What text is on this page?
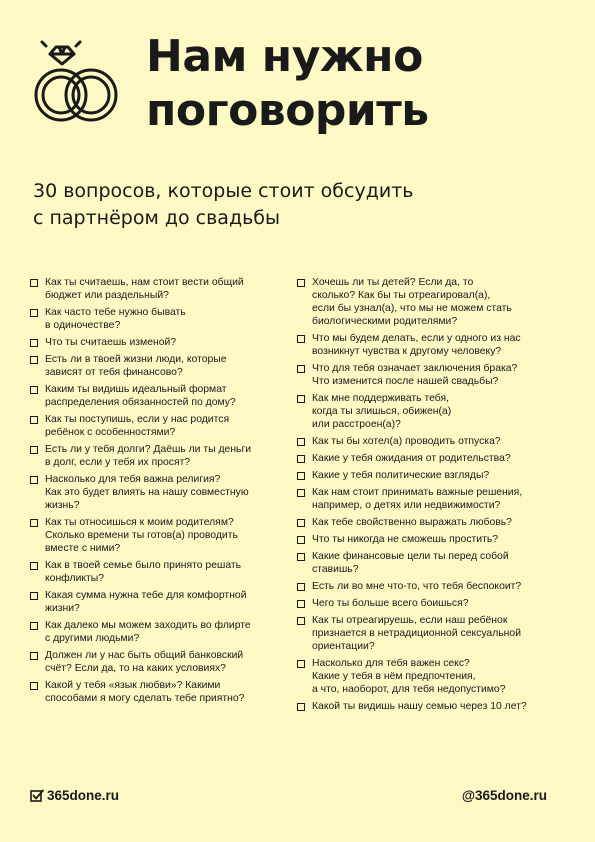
Нам нужно
поговорить
30 вопросов, которые стоит обсудить
с партнёром до свадьбы
Как ты считаешь, нам стоит вести общий
бюджет или раздельный?
Как часто тебе нужно бывать
в одиночестве?
Что ты считаешь изменой?
Есть ли в твоей жизни люди, которые
зависят от тебя финансово?
Каким ты видишь идеальный формат
распределения обязанностей по дому?
Как ты поступишь, если у нас родится
ребёнок с особенностями?
Есть ли у тебя долги? Даёшь ли ты деньги
в долг, если у тебя их просят?
Насколько для тебя важна религия?
Как это будет влиять на нашу совместную
жизнь?
Как ты относишься к моим родителям?
Сколько времени ты готов(а) проводить
вместе с ними?
Как в твоей семье было принято решать
конфликты?
Какая сумма нужна тебе для комфортной
жизни?
Как далеко мы можем заходить во флирте
с другими людьми?
Должен ли у нас быть общий банковский
счёт? Если да, то на каких условиях?
Какой у тебя «язык любви»? Какими
способами я могу сделать тебе приятно?
Хочешь ли ты детей? Если да, то
сколько? Как бы ты отреагировал(а),
если бы узнал(а), что мы не можем стать
биологическими родителями?
Что мы будем делать, если у одного из нас
возникнут чувства к другому человеку?
Что для тебя означает заключения брака?
Что изменится после нашей свадьбы?
Как мне поддерживать тебя,
когда ты злишься, обижен(а)
или расстроен(а)?
Как ты бы хотел(а) проводить отпуска?
Какие у тебя ожидания от родительства?
Какие у тебя политические взгляды?
Как нам стоит принимать важные решения,
например, о детях или недвижимости?
Как тебе свойственно выражать любовь?
Что ты никогда не сможешь простить?
Какие финансовые цели ты перед собой
ставишь?
Есть ли во мне что-то, что тебя беспокоит?
Чего ты больше всего боишься?
Как ты отреагируешь, если наш ребёнок
признается в нетрадиционной сексуальной
ориентации?
Насколько для тебя важен секс?
Какие у тебя в нём предпочтения,
а что, наоборот, для тебя недопустимо?
Какой ты видишь нашу семью через 10 лет?
365done.ru	@365done.ru
